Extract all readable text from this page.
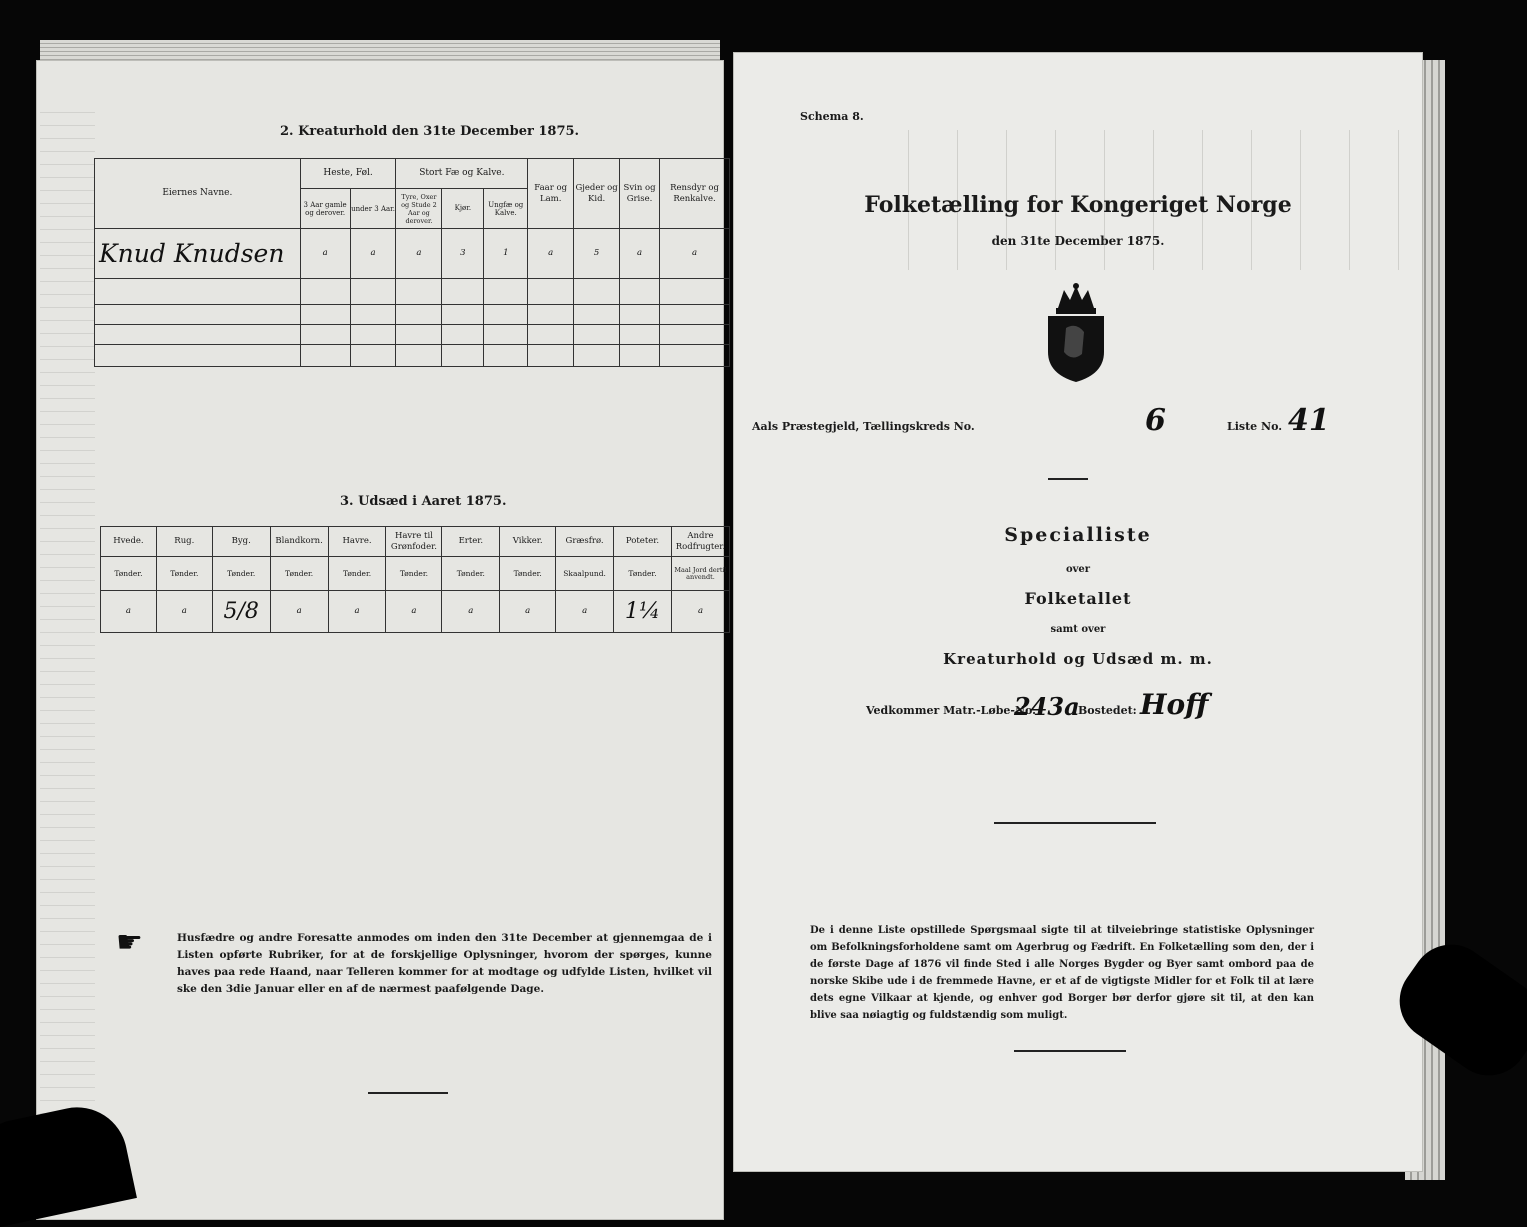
2. Kreaturhold den 31te December 1875.
Eiernes Navne.	Heste, Føl.		Stort Fæ og Kalve.			Faar og Lam.	Gjeder og Kid.	Svin og Grise.	Rensdyr og Renkalve.
	3 Aar gamle og derover.	under 3 Aar.	Tyre, Oxer og Stude 2 Aar og derover.	Kjør.	Ungfæ og Kalve.				
Knud Knudsen	a	a	a	3	1	a	5	a	a

3. Udsæd i Aaret 1875.
Hvede.	Rug.	Byg.	Blandkorn.	Havre.	Havre til Grønfoder.	Erter.	Vikker.	Græsfrø.	Poteter.	Andre Rodfrugter.
Tønder.	Tønder.	Tønder.	Tønder.	Tønder.	Tønder.	Tønder.	Tønder.	Skaalpund.	Tønder.	Maal Jord dertil anvendt.
a	a	5/8	a	a	a	a	a	a	1¼	a
☛	Husfædre og andre Foresatte anmodes om inden den 31te December at gjennemgaa de i Listen opførte Rubriker, for at de forskjellige Oplysninger, hvorom der spørges, kunne haves paa rede Haand, naar Telleren kommer for at modtage og udfylde Listen, hvilket vil ske den 3die Januar eller en af de nærmest paafølgende Dage.
Schema 8.
Folketælling for Kongeriget Norge
den 31te December 1875.
Aals Præstegjeld, Tællingskreds No.	6	Liste No. 41
Specialliste
over
Folketallet
samt over
Kreaturhold og Udsæd m. m.
Vedkommer Matr.-Løbe-No.
243a
Bostedet: Hoff
De i denne Liste opstillede Spørgsmaal sigte til at tilveiebringe statistiske Oplysninger om Befolkningsforholdene samt om Agerbrug og Fædrift. En Folketælling som den, der i de første Dage af 1876 vil finde Sted i alle Norges Bygder og Byer samt ombord paa de norske Skibe ude i de fremmede Havne, er et af de vigtigste Midler for et Folk til at lære dets egne Vilkaar at kjende, og enhver god Borger bør derfor gjøre sit til, at den kan blive saa nøiagtig og fuldstændig som muligt.
